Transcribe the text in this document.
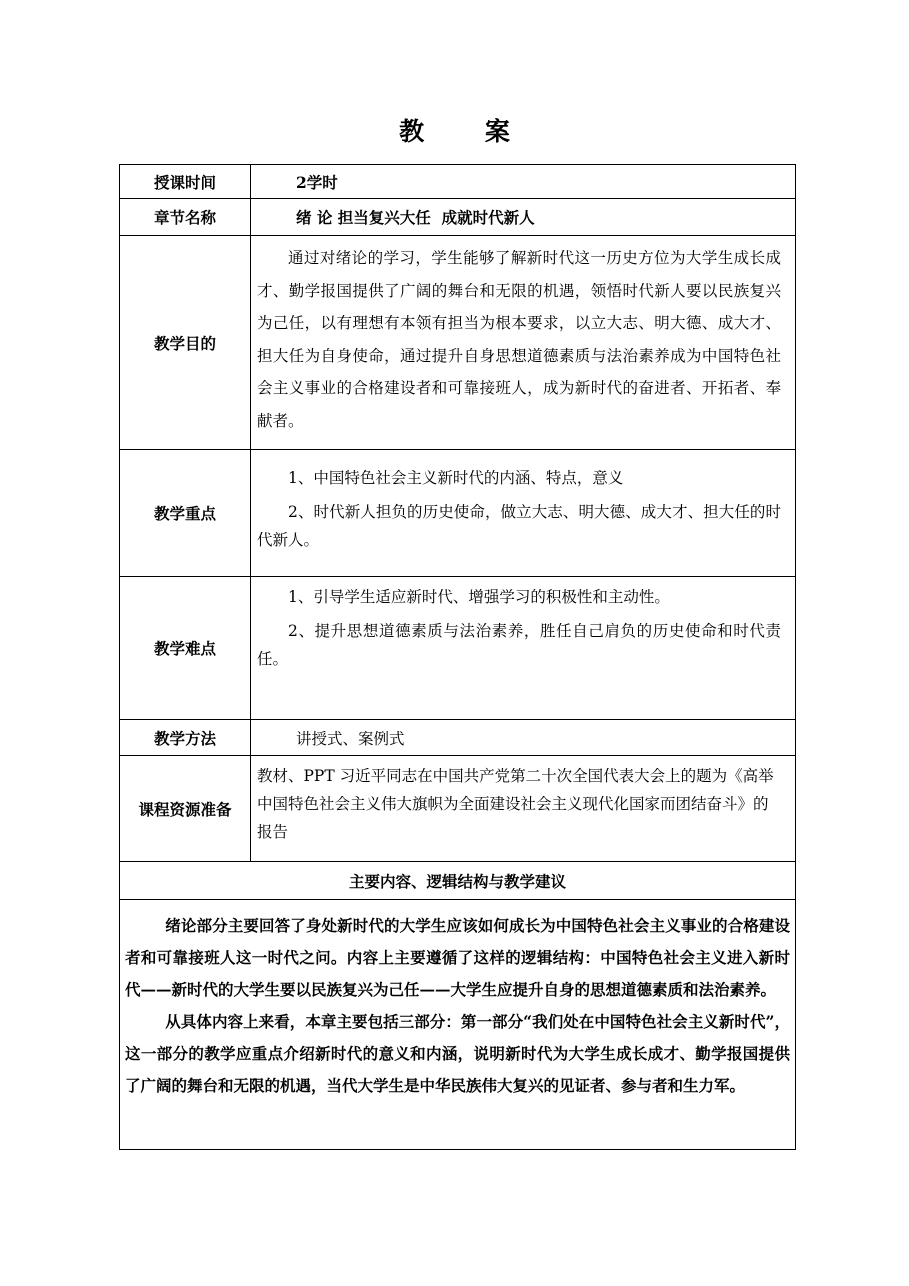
教 案
授课时间	2学时
章节名称	绪 论 担当复兴大任  成就时代新人
教学目的	通过对绪论的学习，学生能够了解新时代这一历史方位为大学生成长成才、勤学报国提供了广阔的舞台和无限的机遇，领悟时代新人要以民族复兴为己任，以有理想有本领有担当为根本要求，以立大志、明大德、成大才、担大任为自身使命，通过提升自身思想道德素质与法治素养成为中国特色社会主义事业的合格建设者和可靠接班人，成为新时代的奋进者、开拓者、奉献者。

教学重点	1、中国特色社会主义新时代的内涵、特点，意义

2、时代新人担负的历史使命，做立大志、明大德、成大才、担大任的时代新人。

教学难点	1、引导学生适应新时代、增强学习的积极性和主动性。

2、提升思想道德素质与法治素养，胜任自己肩负的历史使命和时代责任。

教学方法	讲授式、案例式
课程资源准备	教材、PPT 习近平同志在中国共产党第二十次全国代表大会上的题为《高举中国特色社会主义伟大旗帜为全面建设社会主义现代化国家而团结奋斗》的报告

主要内容、逻辑结构与教学建议	

绪论部分主要回答了身处新时代的大学生应该如何成长为中国特色社会主义事业的合格建设者和可靠接班人这一时代之问。内容上主要遵循了这样的逻辑结构：中国特色社会主义进入新时代——新时代的大学生要以民族复兴为己任——大学生应提升自身的思想道德素质和法治素养。

从具体内容上来看，本章主要包括三部分：第一部分“我们处在中国特色社会主义新时代”，这一部分的教学应重点介绍新时代的意义和内涵，说明新时代为大学生成长成才、勤学报国提供了广阔的舞台和无限的机遇，当代大学生是中华民族伟大复兴的见证者、参与者和生力军。	
